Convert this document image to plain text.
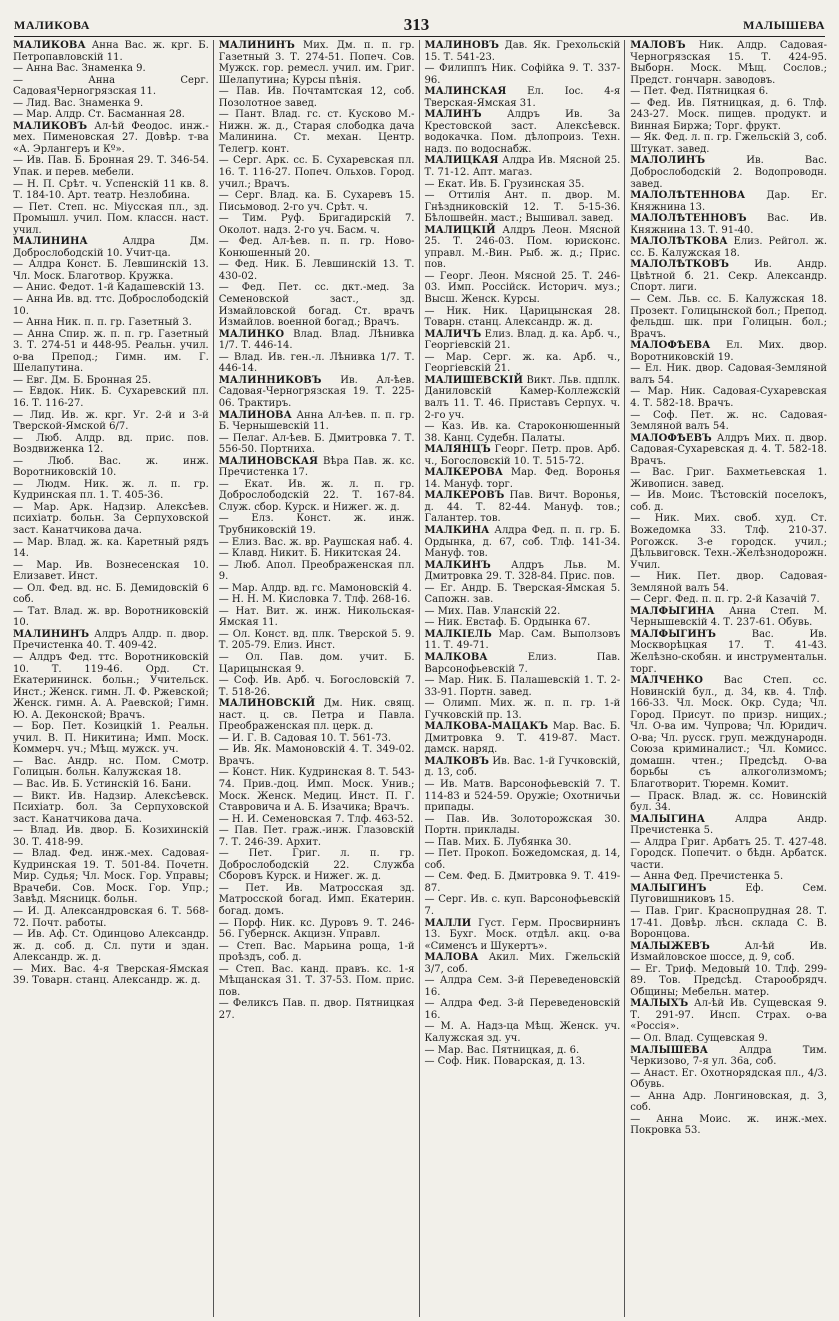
МАЛИКОВА	313	МАЛЫШЕВА

МАЛИКОВА Анна Вас. ж. крг. Б. Петропавловскій 11.

— Анна Вас. Знаменка 9.

— Анна Серг. СадоваяЧерногрязская 11.

— Лид. Вас. Знаменка 9.

— Мар. Алдр. Ст. Басманная 28.

МАЛИКОВЪ Ал-ѣй Феодос. инж.-мех. Пименовская 27. Довѣр. т-ва «А. Эрлангеръ и Кº».

— Ив. Пав. Б. Бронная 29. Т. 346-54. Упак. и перев. мебели.

— Н. П. Срѣт. ч. Успенскій 11 кв. 8. Т. 184-10. Арт. театр. Незлобина.

— Пет. Степ. нс. Мiусская пл., зд. Промышл. учил. Пом. классн. наст. учил.

МАЛИНИНА Алдра Дм. Доброслободскій 10. Учит-ца.

— Алдра Конст. Б. Левшинскій 13. Чл. Моск. Благотвор. Кружка.

— Анис. Федот. 1-й Кадашевскій 13.

— Анна Ив. вд. ттс. Доброслободскій 10.

— Анна Ник. п. п. гр. Газетный 3.

— Анна Спир. ж. п. п. гр. Газетный 3. Т. 274-51 и 448-95. Реальн. учил. о-ва Препод.; Гимн. им. Г. Шелапутина.

— Евг. Дм. Б. Бронная 25.

— Евдок. Ник. Б. Сухаревский пл. 16. Т. 116-27.

— Лид. Ив. ж. крг. Уг. 2-й и 3-й Тверской-Ямской 6/7.

— Люб. Алдр. вд. прис. пов. Воздвиженка 12.

— Люб. Вас. ж. инж. Воротниковскій 10.

— Людм. Ник. ж. л. п. гр. Кудринская пл. 1. Т. 405-36.

— Мар. Арк. Надзир. Алексѣев. психiатр. больн. За Серпуховской заст. Канатчикова дача.

— Мар. Влад. ж. ка. Каретный рядъ 14.

— Мар. Ив. Вознесенская 10. Елизавет. Инст.

— Ол. Фед. вд. нс. Б. Демидовскій 6 соб.

— Тат. Влад. ж. вр. Воротниковскій 10.

МАЛИНИНЪ Алдръ Алдр. п. двор. Пречистенка 40. Т. 409-42.

— Алдръ Фед. ттс. Воротниковскій 10. Т. 119-46. Орд. Ст. Екатерининск. больн.; Учительск. Инст.; Женск. гимн. Л. Ф. Ржевской; Женск. гимн. А. А. Раевской; Гимн. Ю. А. Деконской; Врачъ.

— Бор. Пет. Козицкій 1. Реальн. учил. В. П. Никитина; Имп. Моск. Коммерч. уч.; Мѣщ. мужск. уч.

— Вас. Андр. нс. Пом. Смотр. Голицын. больн. Калужская 18.

— Вас. Ив. Б. Устинскій 16. Бани.

— Викт. Ив. Надзир. Алексѣевск. Психiатр. бол. За Серпуховской заст. Канатчикова дача.

— Влад. Ив. двор. Б. Козихинскій 30. Т. 418-99.

— Влад. Фед. инж.-мех. Садовая-Кудринская 19. Т. 501-84. Почетн. Мир. Судья; Чл. Моск. Гор. Управы; Врачеби. Сов. Моск. Гор. Упр.; Завѣд. Мясницк. больн.

— И. Д. Александровская 6. Т. 568-72. Почт. работы.

— Ив. Аф. Ст. Одинцово Александр. ж. д. соб. д. Сл. пути и здан. Александр. ж. д.

— Мих. Вас. 4-я Тверская-Ямская 39. Товарн. станц. Александр. ж. д.

МАЛИНИНЪ Мих. Дм. п. п. гр. Газетный 3. Т. 274-51. Попеч. Сов. Мужск. гор. ремесл. учил. им. Григ. Шелапутина; Курсы пѣнія.

— Пав. Ив. Почтамтская 12, соб. Позолотное завед.

— Пант. Влад. гс. ст. Кусково М.-Нижн. ж. д., Старая слободка дача Малинина. Ст. механ. Центр. Телегр. конт.

— Серг. Арк. сс. Б. Сухаревская пл. 16. Т. 116-27. Попеч. Ольхов. Город. учил.; Врачъ.

— Серг. Влад. ка. Б. Сухаревъ 15. Письмовод. 2-го уч. Срѣт. ч.

— Тим. Руф. Бригадирскій 7. Околот. надз. 2-го уч. Басм. ч.

— Фед. Ал-ѣев. п. п. гр. Ново-Конюшенный 20.

— Фед. Ник. Б. Левшинскій 13. Т. 430-02.

— Фед. Пет. сс. дкт.-мед. За Семеновской заст., зд. Измайловской богад. Ст. врачъ Измайлов. военной богад.; Врачъ.

МАЛИНКО Влад. Влад. Лѣнивка 1/7. Т. 446-14.

— Влад. Ив. ген.-л. Лѣнивка 1/7. Т. 446-14.

МАЛИННИКОВЪ Ив. Ал-ѣев. Садовая-Черногрязская 19. Т. 225-06. Трактиръ.

МАЛИНОВА Анна Ал-ѣев. п. п. гр. Б. Чернышевскій 11.

— Пелаг. Ал-ѣев. Б. Дмитровка 7. Т. 556-50. Портниха.

МАЛИНОВСКАЯ Вѣра Пав. ж. кс. Пречистенка 17.

— Екат. Ив. ж. л. п. гр. Доброслободскій 22. Т. 167-84. Служ. сбор. Курск. и Нижег. ж. д.

— Елз. Конст. ж. инж. Трубниковскій 19.

— Елиз. Вас. ж. вр. Раушская наб. 4.

— Клавд. Никит. Б. Никитская 24.

— Люб. Апол. Преображенская пл. 9.

— Мар. Алдр. вд. гс. Мамоновскій 4.

— Н. Н. М. Кисловка 7. Тлф. 268-16.

— Нат. Вит. ж. инж. Никольская-Ямская 11.

— Ол. Конст. вд. плк. Тверской 5. 9. Т. 205-79. Елиз. Инст.

— Ол. Пав. дом. учит. Б. Царицынская 9.

— Соф. Ив. Арб. ч. Богословскій 7. Т. 518-26.

МАЛИНОВСКІЙ Дм. Ник. свящ. наст. ц. св. Петра и Павла. Преображенская пл. церк. д.

— И. Г. В. Садовая 10. Т. 561-73.

— Ив. Як. Мамоновскій 4. Т. 349-02. Врачъ.

— Конст. Ник. Кудринская 8. Т. 543-74. Прив.-доц. Имп. Моск. Унив.; Моск. Женск. Медиц. Инст. П. Г. Ставровича и А. Б. Изачика; Врачъ.

— Н. И. Семеновская 7. Тлф. 463-52.

— Пав. Пет. граж.-инж. Глазовскій 7. Т. 246-39. Архит.

— Пет. Григ. л. п. гр. Доброслободскій 22. Служба Сборовъ Курск. и Нижег. ж. д.

— Пет. Ив. Матросская зд. Матросской богад. Имп. Екатерин. богад. домъ.

— Порф. Ник. кс. Дуровъ 9. Т. 246-56. Губернск. Акцизн. Управл.

— Степ. Вас. Марьина роща, 1-й проѣздъ, соб. д.

— Степ. Вас. канд. правъ. кс. 1-я Мѣщанская 31. Т. 37-53. Пом. прис. пов.

— Феликсъ Пав. п. двор. Пятницкая 27.

МАЛИНОВЪ Дав. Як. Грехольскій 15. Т. 541-23.

— Филиппъ Ник. Софійка 9. Т. 337-96.

МАЛИНСКАЯ Ел. Іос. 4-я Тверская-Ямская 31.

МАЛИНЪ Алдръ Ив. За Крестовской заст. Алексѣевск. водокачка. Пом. дѣлопроиз. Техн. надз. по водоснабж.

МАЛИЦКАЯ Алдра Ив. Мясной 25. Т. 71-12. Апт. магаз.

— Екат. Ив. Б. Грузинская 35.

— Оттилія Ант. п. двор. М. Гнѣздниковскій 12. Т. 5-15-36. Бѣлошвейн. маст.; Вышивал. завед.

МАЛИЦКІЙ Алдръ Леон. Мясной 25. Т. 246-03. Пом. юрисконс. управл. М.-Вин. Рыб. ж. д.; Прис. пов.

— Георг. Леон. Мясной 25. Т. 246-03. Имп. Россійск. Историч. муз.; Высш. Женск. Курсы.

— Ник. Ник. Царицынская 28. Товарн. станц. Александр. ж. д.

МАЛИЧЪ Елиз. Влад. д. ка. Арб. ч., Георгіевскій 21.

— Мар. Серг. ж. ка. Арб. ч., Георгіевскій 21.

МАЛИШЕВСКІЙ Викт. Льв. пдплк. Даниловскій Камер-Коллежскій валъ 11. Т. 46. Приставъ Серпух. ч. 2-го уч.

— Каз. Ив. ка. Староконюшенный 38. Канц. Судебн. Палаты.

МАЛЯНЦЪ Георг. Петр. пров. Арб. ч., Богословскій 10. Т. 515-72.

МАЛКЕРОВА Мар. Фед. Воронья 14. Мануф. торг.

МАЛКЕРОВЪ Пав. Вичт. Воронья, д. 44. Т. 82-44. Мануф. тов.; Галантер. тов.

МАЛКИНА Алдра Фед. п. п. гр. Б. Ордынка, д. 67, соб. Тлф. 141-34. Мануф. тов.

МАЛКИНЪ Алдръ Льв. М. Дмитровка 29. Т. 328-84. Прис. пов.

— Ег. Андр. Б. Тверская-Ямская 5. Сапожн. зав.

— Мих. Пав. Уланскій 22.

— Ник. Евстаф. Б. Ордынка 67.

МАЛКІЕЛЬ Мар. Сам. Выползовъ 11. Т. 49-71.

МАЛКОВА Елиз. Пав. Варсонофьевскій 7.

— Мар. Ник. Б. Палашевскій 1. Т. 2-33-91. Портн. завед.

— Олимп. Мих. ж. п. п. гр. 1-й Гучковскій пр. 13.

МАЛКОВА-МАЦАКЪ Мар. Вас. Б. Дмитровка 9. Т. 419-87. Маст. дамск. наряд.

МАЛКОВЪ Ив. Вас. 1-й Гучковскій, д. 13, соб.

— Ив. Матв. Варсонофьевскій 7. Т. 114-83 и 524-59. Оружіе; Охотничьи припады.

— Пав. Ив. Золоторожская 30. Портн. приклады.

— Пав. Мих. Б. Лубянка 30.

— Пет. Прокоп. Божедомская, д. 14, соб.

— Сем. Фед. Б. Дмитровка 9. Т. 419-87.

— Серг. Ив. с. куп. Варсонофьевскій 7.

МАЛЛИ Густ. Герм. Просвирнинъ 13. Бухг. Моск. отдѣл. акц. о-ва «Сименсъ и Шукертъ».

МАЛОВА Акил. Мих. Гжельскій 3/7, соб.

— Алдра Сем. 3-й Переведеновскій 16.

— Алдра Фед. 3-й Переведеновскій 16.

— М. А. Надз-ца Мѣщ. Женск. уч. Калужская зд. уч.

— Мар. Вас. Пятницкая, д. 6.

— Соф. Ник. Поварская, д. 13.

МАЛОВЪ Ник. Алдр. Садовая-Черногрязская 15. Т. 424-95. Выборн. Моск. Мѣщ. Сослов.; Предст. гончарн. заводовъ.

— Пет. Фед. Пятницкая 6.

— Фед. Ив. Пятницкая, д. 6. Тлф. 243-27. Моск. пищев. продукт. и Винная Биржа; Торг. фрукт.

— Як. Фед. л. п. гр. Гжельскій 3, соб. Штукат. завед.

МАЛОЛИНЪ Ив. Вас. Доброслободскій 2. Водопроводн. завед.

МАЛОЛѢТЕННОВА Дар. Ег. Княжнина 13.

МАЛОЛѢТЕННОВЪ Вас. Ив. Княжнина 13. Т. 91-40.

МАЛОЛѢТКОВА Елиз. Рейгол. ж. сс. Б. Калужская 18.

МАЛОЛѢТКОВЪ Ив. Андр. Цвѣтной б. 21. Секр. Александр. Спорт. лиги.

— Сем. Льв. сс. Б. Калужская 18. Прозект. Голицынской бол.; Препод. фельдш. шк. при Голицын. бол.; Врачъ.

МАЛОФѢЕВА Ел. Мих. двор. Воротниковскій 19.

— Ел. Ник. двор. Садовая-Земляной валъ 54.

— Мар. Ник. Садовая-Сухаревская 4. Т. 582-18. Врачъ.

— Соф. Пет. ж. нс. Садовая-Земляной валъ 54.

МАЛОФѢЕВЪ Алдръ Мих. п. двор. Садовая-Сухаревская д. 4. Т. 582-18. Врачъ.

— Вас. Григ. Бахметьевская 1. Живописн. завед.

— Ив. Моис. Тѣстовскій поселокъ, соб. д.

— Ник. Мих. своб. худ. Ст. Вожедомка 33. Тлф. 210-37. Рогожск. 3-е городск. учил.; Дѣльвиговск. Техн.-Желѣзнодорожн. Учил.

— Ник. Пет. двор. Садовая-Земляной валъ 54.

— Серг. Фед. п. п. гр. 2-й Казачій 7.

МАЛФЫГИНА Анна Степ. М. Чернышевскій 4. Т. 237-61. Обувь.

МАЛФЫГИНЪ Вас. Ив. Москворѣцкая 17. Т. 41-43. Желѣзно-скобян. и инструментальн. торг.

МАЛЧЕНКО Вас Степ. сс. Новинскій бул., д. 34, кв. 4. Тлф. 166-33. Чл. Моск. Окр. Суда; Чл. Город. Присут. по призр. нищих.; Чл. О-ва им. Чупрова; Чл. Юридич. О-ва; Чл. русск. груп. международн. Союза криминалист.; Чл. Комисс. домашн. чтен.; Предсѣд. О-ва борьбы съ алкоголизмомъ; Благотворит. Тюремн. Комит.

— Праск. Влад. ж. сс. Новинскій бул. 34.

МАЛЫГИНА Алдра Андр. Пречистенка 5.

— Алдра Григ. Арбатъ 25. Т. 427-48. Городск. Попечит. о бѣдн. Арбатск. части.

— Анна Фед. Пречистенка 5.

МАЛЫГИНЪ Еф. Сем. Пуговишниковъ 15.

— Пав. Григ. Краснопрудная 28. Т. 17-41. Довѣр. лѣсн. склада С. В. Воронцова.

МАЛЫЖЕВЪ Ал-ѣй Ив. Измайловское шоссе, д. 9, соб.

— Ег. Триф. Медовый 10. Тлф. 299-89. Тов. Предсѣд. Старообрядч. Общины; Мебельн. матер.

МАЛЫХЪ Ал-ѣй Ив. Сущевская 9. Т. 291-97. Инсп. Страх. о-ва «Россія».

— Ол. Влад. Сущевская 9.

МАЛЫШЕВА Алдра Тим. Черкизово, 7-я ул. 36а, соб.

— Анаст. Ег. Охотнорядская пл., 4/3. Обувь.

— Анна Адр. Лонгиновская, д. 3, соб.

— Анна Моис. ж. инж.-мех. Покровка 53.
